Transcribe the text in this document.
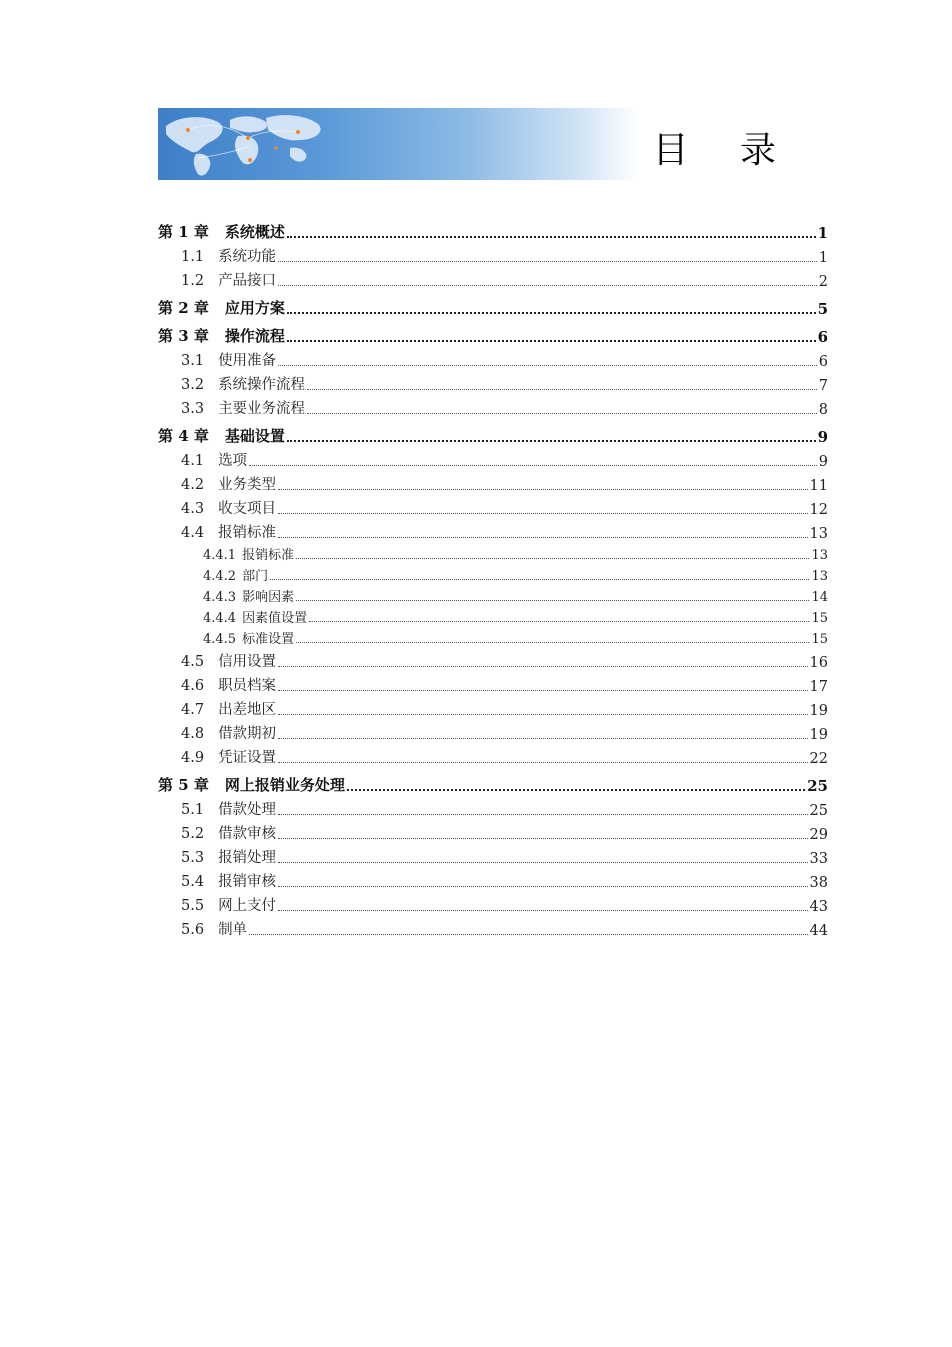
目 录
第 1 章 系统概述	1
1.1 系统功能	1
1.2 产品接口	2
第 2 章 应用方案	5
第 3 章 操作流程	6
3.1 使用准备	6
3.2 系统操作流程	7
3.3 主要业务流程	8
第 4 章 基础设置	9
4.1 选项	9
4.2 业务类型	11
4.3 收支项目	12
4.4 报销标准	13
4.4.1 报销标准	13
4.4.2 部门	13
4.4.3 影响因素	14
4.4.4 因素值设置	15
4.4.5 标准设置	15
4.5 信用设置	16
4.6 职员档案	17
4.7 出差地区	19
4.8 借款期初	19
4.9 凭证设置	22
第 5 章 网上报销业务处理	25
5.1 借款处理	25
5.2 借款审核	29
5.3 报销处理	33
5.4 报销审核	38
5.5 网上支付	43
5.6 制单	44
